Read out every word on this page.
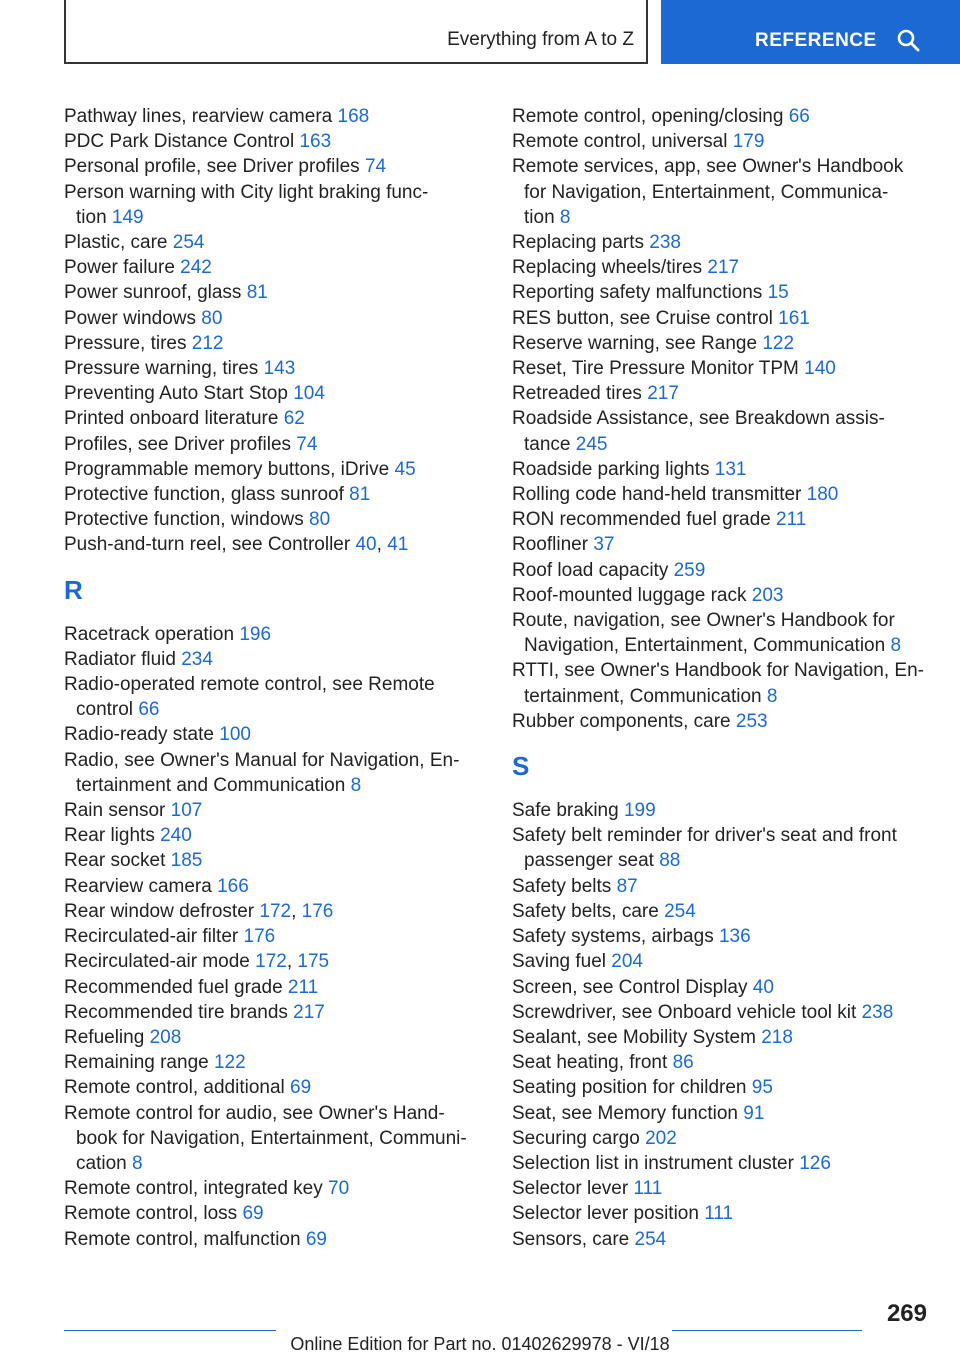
Everything from A to Z	REFERENCE
Pathway lines, rearview camera 168
PDC Park Distance Control 163
Personal profile, see Driver profiles 74
Person warning with City light braking func-
tion 149
Plastic, care 254
Power failure 242
Power sunroof, glass 81
Power windows 80
Pressure, tires 212
Pressure warning, tires 143
Preventing Auto Start Stop 104
Printed onboard literature 62
Profiles, see Driver profiles 74
Programmable memory buttons, iDrive 45
Protective function, glass sunroof 81
Protective function, windows 80
Push-and-turn reel, see Controller 40, 41
R
Racetrack operation 196
Radiator fluid 234
Radio-operated remote control, see Remote
control 66
Radio-ready state 100
Radio, see Owner's Manual for Navigation, En-
tertainment and Communication 8
Rain sensor 107
Rear lights 240
Rear socket 185
Rearview camera 166
Rear window defroster 172, 176
Recirculated-air filter 176
Recirculated-air mode 172, 175
Recommended fuel grade 211
Recommended tire brands 217
Refueling 208
Remaining range 122
Remote control, additional 69
Remote control for audio, see Owner's Hand-
book for Navigation, Entertainment, Communi-
cation 8
Remote control, integrated key 70
Remote control, loss 69
Remote control, malfunction 69
Remote control, opening/closing 66
Remote control, universal 179
Remote services, app, see Owner's Handbook
for Navigation, Entertainment, Communica-
tion 8
Replacing parts 238
Replacing wheels/tires 217
Reporting safety malfunctions 15
RES button, see Cruise control 161
Reserve warning, see Range 122
Reset, Tire Pressure Monitor TPM 140
Retreaded tires 217
Roadside Assistance, see Breakdown assis-
tance 245
Roadside parking lights 131
Rolling code hand-held transmitter 180
RON recommended fuel grade 211
Roofliner 37
Roof load capacity 259
Roof-mounted luggage rack 203
Route, navigation, see Owner's Handbook for
Navigation, Entertainment, Communication 8
RTTI, see Owner's Handbook for Navigation, En-
tertainment, Communication 8
Rubber components, care 253
S
Safe braking 199
Safety belt reminder for driver's seat and front
passenger seat 88
Safety belts 87
Safety belts, care 254
Safety systems, airbags 136
Saving fuel 204
Screen, see Control Display 40
Screwdriver, see Onboard vehicle tool kit 238
Sealant, see Mobility System 218
Seat heating, front 86
Seating position for children 95
Seat, see Memory function 91
Securing cargo 202
Selection list in instrument cluster 126
Selector lever 111
Selector lever position 111
Sensors, care 254
269
Online Edition for Part no. 01402629978 - VI/18
